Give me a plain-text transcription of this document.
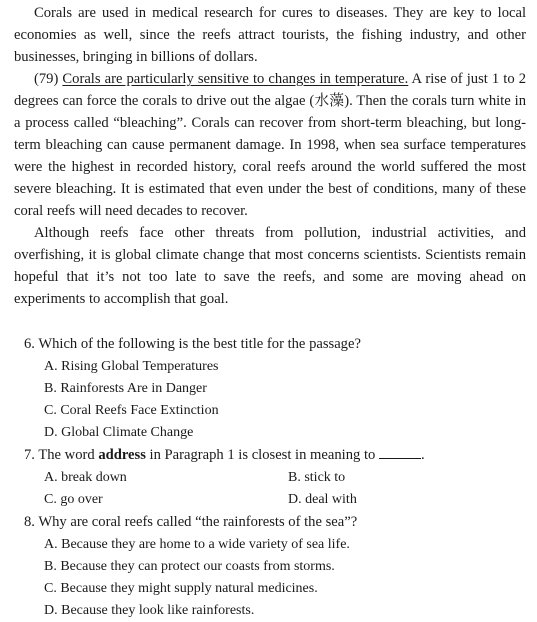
Corals are used in medical research for cures to diseases. They are key to local economies as well, since the reefs attract tourists, the fishing industry, and other businesses, bringing in billions of dollars.

(79) Corals are particularly sensitive to changes in temperature. A rise of just 1 to 2 degrees can force the corals to drive out the algae (水藻). Then the corals turn white in a process called “bleaching”. Corals can recover from short-term bleaching, but long-term bleaching can cause permanent damage. In 1998, when sea surface temperatures were the highest in recorded history, coral reefs around the world suffered the most severe bleaching. It is estimated that even under the best of conditions, many of these coral reefs will need decades to recover.

Although reefs face other threats from pollution, industrial activities, and overfishing, it is global climate change that most concerns scientists. Scientists remain hopeful that it’s not too late to save the reefs, and some are moving ahead on experiments to accomplish that goal.

6. Which of the following is the best title for the passage?

A. Rising Global Temperatures

B. Rainforests Are in Danger

C. Coral Reefs Face Extinction

D. Global Climate Change

7. The word address in Paragraph 1 is closest in meaning to	.

A. break down	B. stick to

C. go over	D. deal with

8. Why are coral reefs called “the rainforests of the sea”?

A. Because they are home to a wide variety of sea life.

B. Because they can protect our coasts from storms.

C. Because they might supply natural medicines.

D. Because they look like rainforests.
